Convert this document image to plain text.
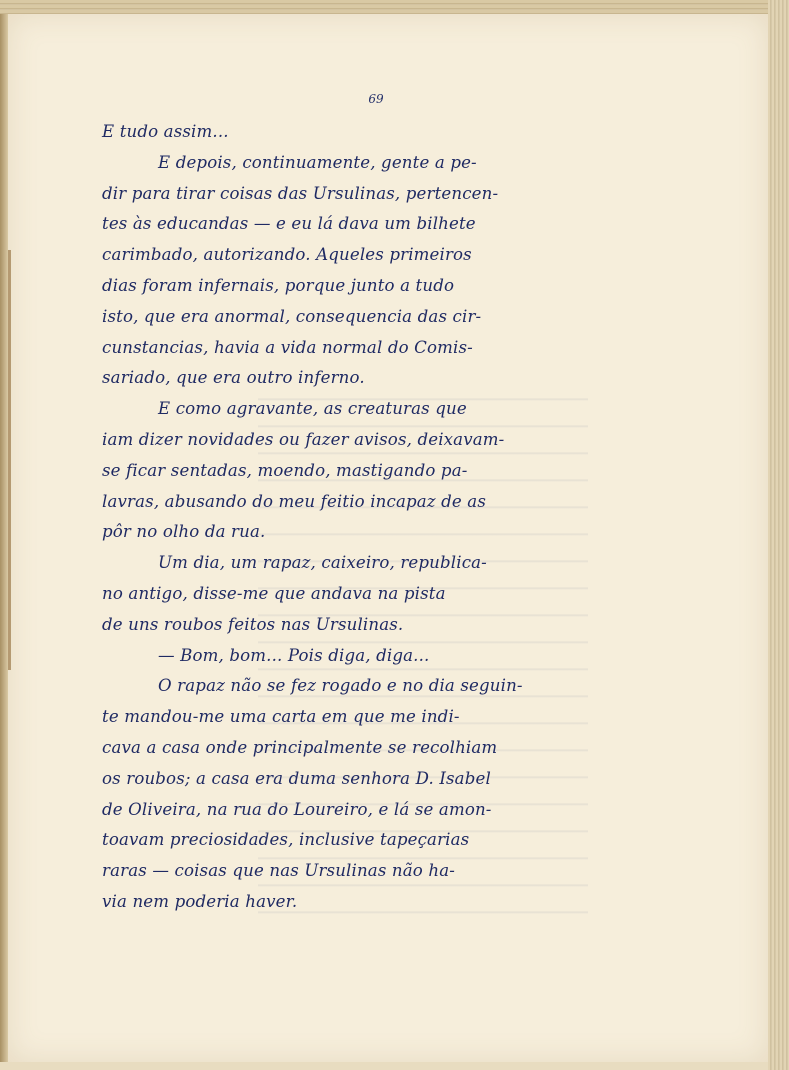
69
E tudo assim...
E depois, continuamente, gente a pe-
dir para tirar coisas das Ursulinas, pertencen-
tes às educandas — e eu lá dava um bilhete
carimbado, autorizando. Aqueles primeiros
dias foram infernais, porque junto a tudo
isto, que era anormal, consequencia das cir-
cunstancias, havia a vida normal do Comis-
sariado, que era outro inferno.
E como agravante, as creaturas que
iam dizer novidades ou fazer avisos, deixavam-
se ficar sentadas, moendo, mastigando pa-
lavras, abusando do meu feitio incapaz de as
pôr no olho da rua.
Um dia, um rapaz, caixeiro, republica-
no antigo, disse-me que andava na pista
de uns roubos feitos nas Ursulinas.
— Bom, bom... Pois diga, diga...
O rapaz não se fez rogado e no dia seguin-
te mandou-me uma carta em que me indi-
cava a casa onde principalmente se recolhiam
os roubos; a casa era duma senhora D. Isabel
de Oliveira, na rua do Loureiro, e lá se amon-
toavam preciosidades, inclusive tapeçarias
raras — coisas que nas Ursulinas não ha-
via nem poderia haver.
